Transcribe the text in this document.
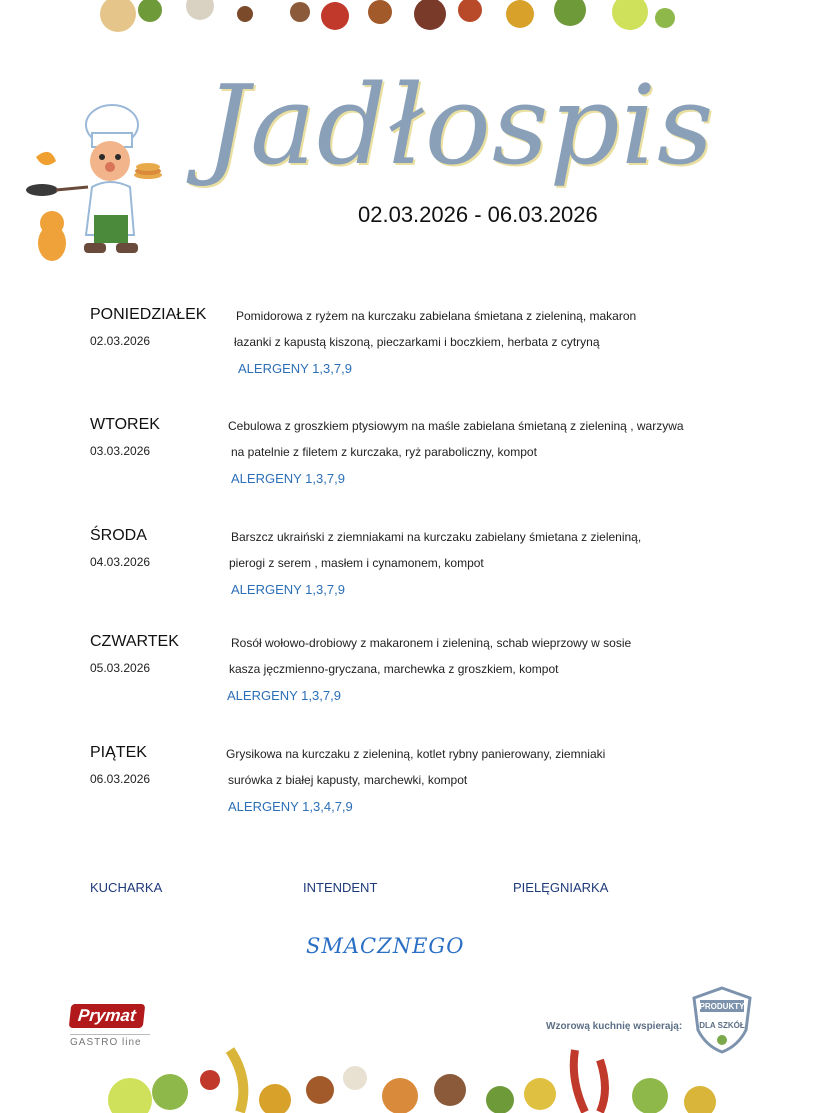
Jadłospis
02.03.2026 - 06.03.2026
PONIEDZIAŁEK
02.03.2026
Pomidorowa z ryżem na kurczaku zabielana śmietana z zieleniną, makaron
łazanki z kapustą kiszoną, pieczarkami i boczkiem, herbata z cytryną
ALERGENY 1,3,7,9
WTOREK
03.03.2026
Cebulowa z groszkiem ptysiowym na maśle zabielana śmietaną z zieleniną , warzywa
na patelnie z filetem z kurczaka, ryż paraboliczny, kompot
ALERGENY 1,3,7,9
ŚRODA
04.03.2026
Barszcz ukraiński z ziemniakami na kurczaku zabielany śmietana z zieleniną,
pierogi z serem , masłem i cynamonem, kompot
ALERGENY 1,3,7,9
CZWARTEK
05.03.2026
Rosół wołowo-drobiowy z makaronem i zieleniną, schab wieprzowy w sosie
kasza jęczmienno-gryczana, marchewka z groszkiem, kompot
ALERGENY 1,3,7,9
PIĄTEK
06.03.2026
Grysikowa na kurczaku z zieleniną, kotlet rybny panierowany, ziemniaki
surówka z białej kapusty, marchewki, kompot
ALERGENY 1,3,4,7,9
KUCHARKA	INTENDENT	PIELĘGNIARKA
SMACZNEGO
Prymat
GASTRO line
Wzorową kuchnię wspierają:
PRODUKTY
DLA SZKÓŁ
